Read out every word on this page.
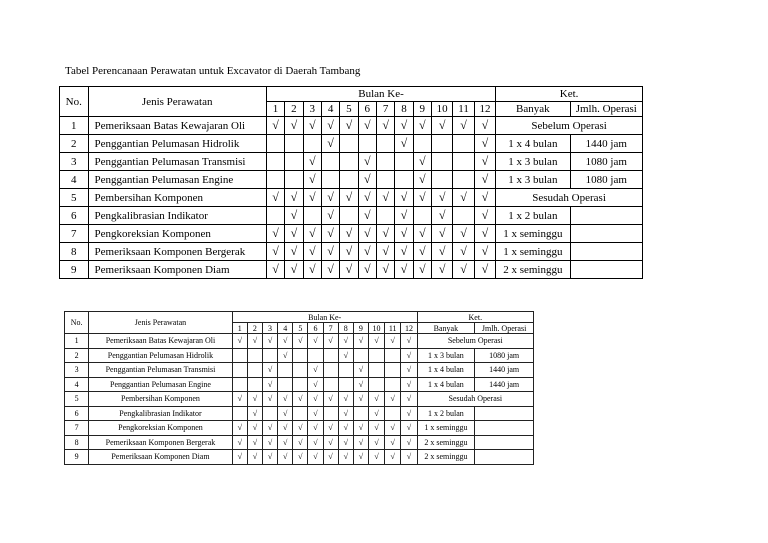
Tabel Perencanaan Perawatan untuk Excavator di Daerah Tambang
No.	Jenis Perawatan	Bulan Ke-												Ket.	
		1	2	3	4	5	6	7	8	9	10	11	12	Banyak	Jmlh. Operasi
1	Pemeriksaan Batas Kewajaran Oli	√	√	√	√	√	√	√	√	√	√	√	√	Sebelum Operasi	
2	Penggantian Pelumasan Hidrolik				√				√				√	1 x 4 bulan	1440 jam
3	Penggantian Pelumasan Transmisi			√			√			√			√	1 x 3 bulan	1080 jam
4	Penggantian Pelumasan Engine			√			√			√			√	1 x 3 bulan	1080 jam
5	Pembersihan Komponen	√	√	√	√	√	√	√	√	√	√	√	√	Sesudah Operasi	
6	Pengkalibrasian Indikator		√		√		√		√		√		√	1 x 2 bulan	
7	Pengkoreksian Komponen	√	√	√	√	√	√	√	√	√	√	√	√	1 x seminggu	
8	Pemeriksaan Komponen Bergerak	√	√	√	√	√	√	√	√	√	√	√	√	1 x seminggu	
9	Pemeriksaan Komponen Diam	√	√	√	√	√	√	√	√	√	√	√	√	2 x seminggu	
No.	Jenis Perawatan	Bulan Ke-												Ket.	
		1	2	3	4	5	6	7	8	9	10	11	12	Banyak	Jmlh. Operasi
1	Pemeriksaan Batas Kewajaran Oli	√	√	√	√	√	√	√	√	√	√	√	√	Sebelum Operasi	
2	Penggantian Pelumasan Hidrolik				√				√				√	1 x 3 bulan	1080 jam
3	Penggantian Pelumasan Transmisi			√			√			√			√	1 x 4 bulan	1440 jam
4	Penggantian Pelumasan Engine			√			√			√			√	1 x 4 bulan	1440 jam
5	Pembersihan Komponen	√	√	√	√	√	√	√	√	√	√	√	√	Sesudah Operasi	
6	Pengkalibrasian Indikator		√		√		√		√		√		√	1 x 2 bulan	
7	Pengkoreksian Komponen	√	√	√	√	√	√	√	√	√	√	√	√	1 x seminggu	
8	Pemeriksaan Komponen Bergerak	√	√	√	√	√	√	√	√	√	√	√	√	2 x seminggu	
9	Pemeriksaan Komponen Diam	√	√	√	√	√	√	√	√	√	√	√	√	2 x seminggu	
